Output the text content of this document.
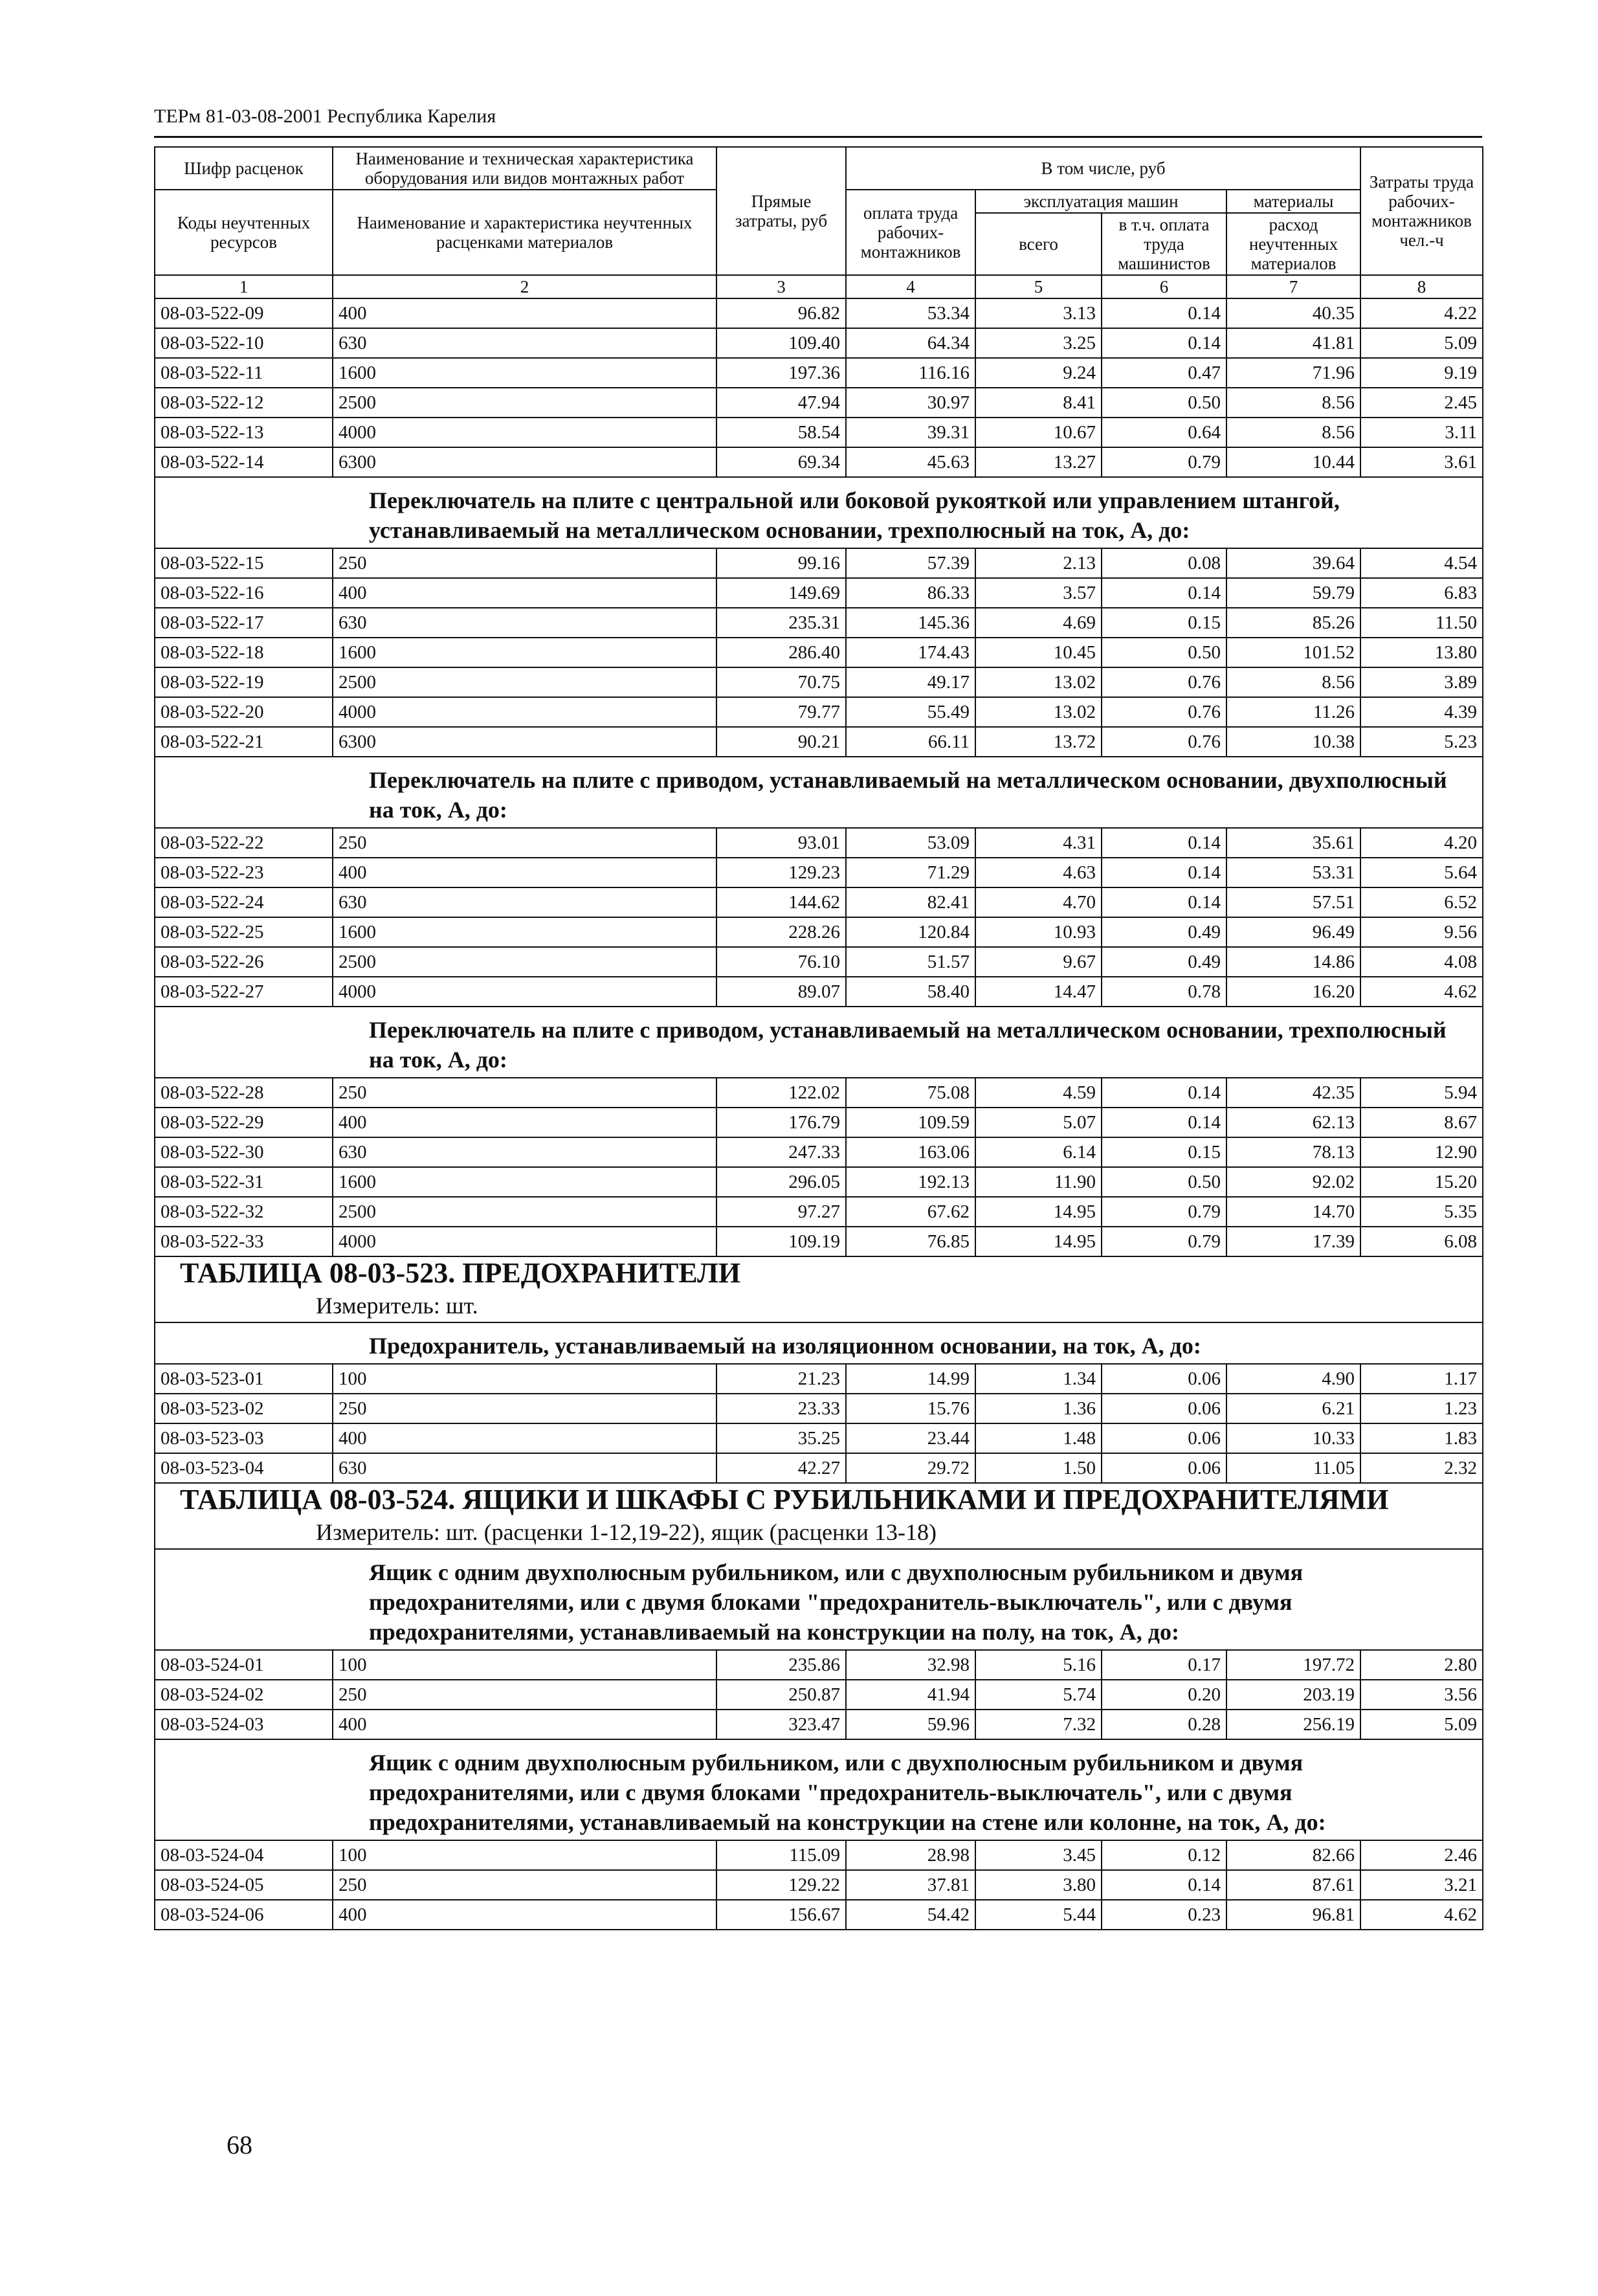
ТЕРм 81-03-08-2001 Республика Карелия
Шифр расценок	Наименование и техническая характеристика оборудования или видов монтажных работ	Прямые затраты, руб	В том числе, руб				Затраты труда рабочих-монтажников чел.-ч
Коды неучтенных ресурсов	Наименование и характеристика неучтенных расценками материалов		оплата труда рабочих-монтажников	эксплуатация машин		материалы	
				всего	в т.ч. оплата труда машинистов	расход неучтенных материалов	
1	2	3	4	5	6	7	8
08-03-522-09	400	96.82	53.34	3.13	0.14	40.35	4.22
08-03-522-10	630	109.40	64.34	3.25	0.14	41.81	5.09
08-03-522-11	1600	197.36	116.16	9.24	0.47	71.96	9.19
08-03-522-12	2500	47.94	30.97	8.41	0.50	8.56	2.45
08-03-522-13	4000	58.54	39.31	10.67	0.64	8.56	3.11
08-03-522-14	6300	69.34	45.63	13.27	0.79	10.44	3.61
Переключатель на плите с центральной или боковой рукояткой или управлением штангой, устанавливаемый на металлическом основании, трехполюсный на ток, А, до:							
08-03-522-15	250	99.16	57.39	2.13	0.08	39.64	4.54
08-03-522-16	400	149.69	86.33	3.57	0.14	59.79	6.83
08-03-522-17	630	235.31	145.36	4.69	0.15	85.26	11.50
08-03-522-18	1600	286.40	174.43	10.45	0.50	101.52	13.80
08-03-522-19	2500	70.75	49.17	13.02	0.76	8.56	3.89
08-03-522-20	4000	79.77	55.49	13.02	0.76	11.26	4.39
08-03-522-21	6300	90.21	66.11	13.72	0.76	10.38	5.23
Переключатель на плите с приводом, устанавливаемый на металлическом основании, двухполюсный на ток, А, до:							
08-03-522-22	250	93.01	53.09	4.31	0.14	35.61	4.20
08-03-522-23	400	129.23	71.29	4.63	0.14	53.31	5.64
08-03-522-24	630	144.62	82.41	4.70	0.14	57.51	6.52
08-03-522-25	1600	228.26	120.84	10.93	0.49	96.49	9.56
08-03-522-26	2500	76.10	51.57	9.67	0.49	14.86	4.08
08-03-522-27	4000	89.07	58.40	14.47	0.78	16.20	4.62
Переключатель на плите с приводом, устанавливаемый на металлическом основании, трехполюсный на ток, А, до:							
08-03-522-28	250	122.02	75.08	4.59	0.14	42.35	5.94
08-03-522-29	400	176.79	109.59	5.07	0.14	62.13	8.67
08-03-522-30	630	247.33	163.06	6.14	0.15	78.13	12.90
08-03-522-31	1600	296.05	192.13	11.90	0.50	92.02	15.20
08-03-522-32	2500	97.27	67.62	14.95	0.79	14.70	5.35
08-03-522-33	4000	109.19	76.85	14.95	0.79	17.39	6.08

ТАБЛИЦА 08-03-523. ПРЕДОХРАНИТЕЛИ
Измеритель: шт.							

Предохранитель, устанавливаемый на изоляционном основании, на ток, А, до:							
08-03-523-01	100	21.23	14.99	1.34	0.06	4.90	1.17
08-03-523-02	250	23.33	15.76	1.36	0.06	6.21	1.23
08-03-523-03	400	35.25	23.44	1.48	0.06	10.33	1.83
08-03-523-04	630	42.27	29.72	1.50	0.06	11.05	2.32

ТАБЛИЦА 08-03-524. ЯЩИКИ И ШКАФЫ С РУБИЛЬНИКАМИ И ПРЕДОХРАНИТЕЛЯМИ
Измеритель: шт. (расценки 1-12,19-22), ящик (расценки 13-18)							

Ящик с одним двухполюсным рубильником, или с двухполюсным рубильником и двумя предохранителями, или с двумя блоками "предохранитель-выключатель", или с двумя предохранителями, устанавливаемый на конструкции на полу, на ток, А, до:							
08-03-524-01	100	235.86	32.98	5.16	0.17	197.72	2.80
08-03-524-02	250	250.87	41.94	5.74	0.20	203.19	3.56
08-03-524-03	400	323.47	59.96	7.32	0.28	256.19	5.09
Ящик с одним двухполюсным рубильником, или с двухполюсным рубильником и двумя предохранителями, или с двумя блоками "предохранитель-выключатель", или с двумя предохранителями, устанавливаемый на конструкции на стене или колонне, на ток, А, до:							
08-03-524-04	100	115.09	28.98	3.45	0.12	82.66	2.46
08-03-524-05	250	129.22	37.81	3.80	0.14	87.61	3.21
08-03-524-06	400	156.67	54.42	5.44	0.23	96.81	4.62
68
